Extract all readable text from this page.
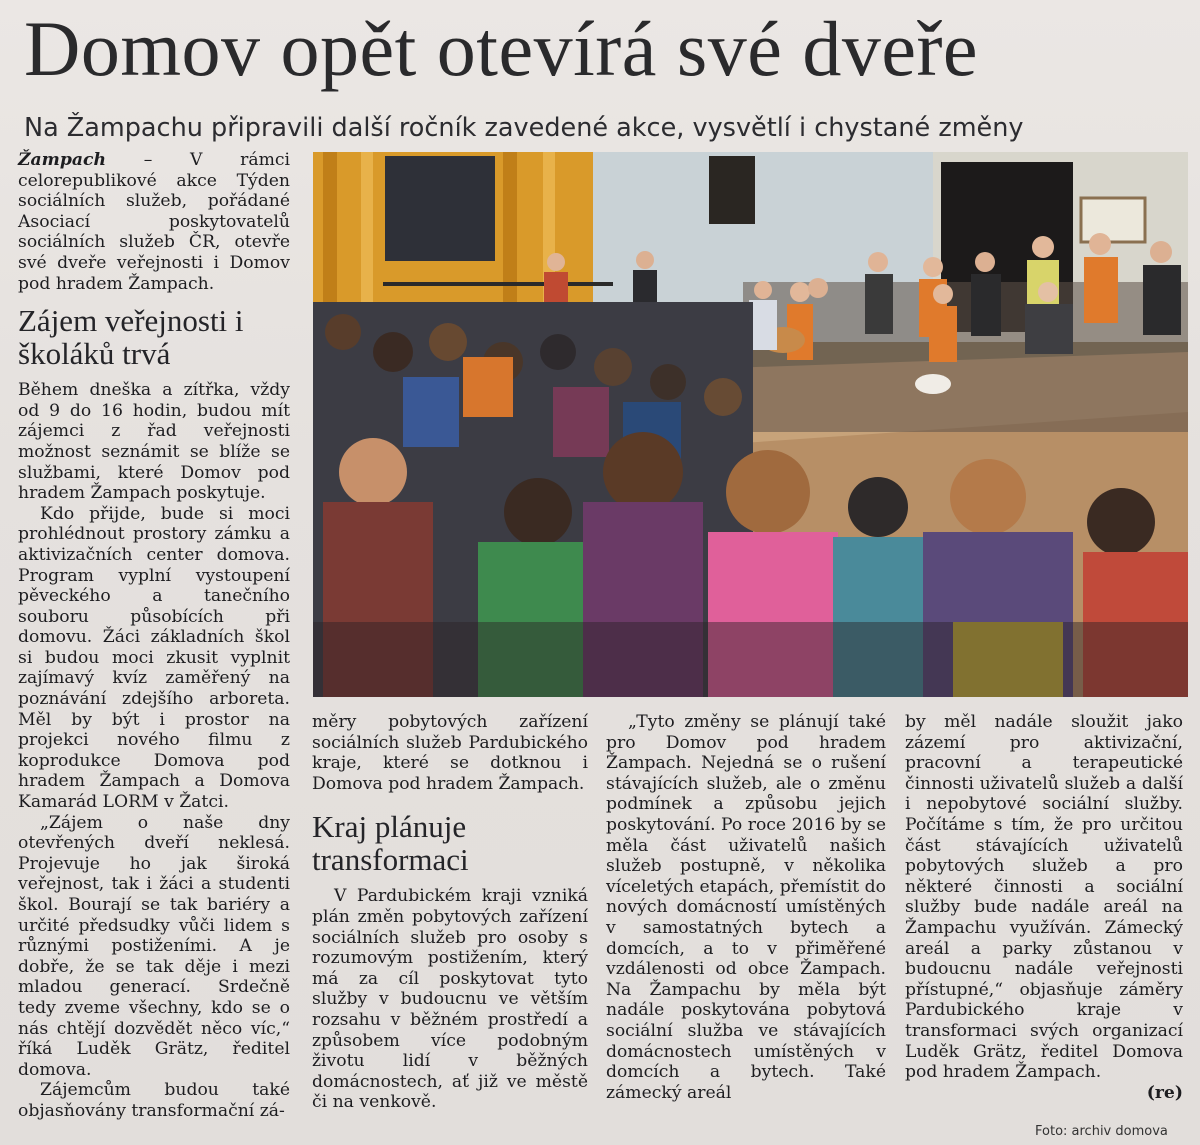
Domov opět otevírá své dveře
Na Žampachu připravili další ročník zavedené akce, vysvětlí i chystané změny

Žampach – V rámci celorepublikové akce Týden sociálních služeb, pořádané Asociací poskytovatelů sociálních služeb ČR, otevře své dveře veřejnosti i Domov pod hradem Žampach.

Zájem veřejnosti i školáků trvá

Během dneška a zítřka, vždy od 9 do 16 hodin, budou mít zájemci z řad veřejnosti možnost seznámit se blíže se službami, které Domov pod hradem Žampach poskytuje.

Kdo přijde, bude si moci prohlédnout prostory zámku a aktivizačních center domova. Program vyplní vystoupení pěveckého a tanečního souboru působících při domovu. Žáci základních škol si budou moci zkusit vyplnit zajímavý kvíz zaměřený na poznávání zdejšího arboreta. Měl by být i prostor na projekci nového filmu z koprodukce Domova pod hradem Žampach a Domova Kamarád LORM v Žatci.

„Zájem o naše dny otevřených dveří neklesá. Projevuje ho jak široká veřejnost, tak i žáci a studenti škol. Bourají se tak bariéry a určité předsudky vůči lidem s různými postiženími. A je dobře, že se tak děje i mezi mladou generací. Srdečně tedy zveme všechny, kdo se o nás chtějí dozvědět něco víc,“ říká Luděk Grätz, ředitel domova.

Zájemcům budou také objasňovány transformační zá-

měry pobytových zařízení sociálních služeb Pardubického kraje, které se dotknou i Domova pod hradem Žampach.

Kraj plánuje transformaci

V Pardubickém kraji vzniká plán změn pobytových zařízení sociálních služeb pro osoby s rozumovým postižením, který má za cíl poskytovat tyto služby v budoucnu ve větším rozsahu v běžném prostředí a způsobem více podobným životu lidí v běžných domácnostech, ať již ve městě či na venkově.

„Tyto změny se plánují také pro Domov pod hradem Žampach. Nejedná se o rušení stávajících služeb, ale o změnu podmínek a způsobu jejich poskytování. Po roce 2016 by se měla část uživatelů našich služeb postupně, v několika víceletých etapách, přemístit do nových domácností umístěných v samostatných bytech a domcích, a to v přiměřené vzdálenosti od obce Žampach. Na Žampachu by měla být nadále poskytována pobytová sociální služba ve stávajících domácnostech umístěných v domcích a bytech. Také zámecký areál

by měl nadále sloužit jako zázemí pro aktivizační, pracovní a terapeutické činnosti uživatelů služeb a další i nepobytové sociální služby. Počítáme s tím, že pro určitou část stávajících uživatelů pobytových služeb a pro některé činnosti a sociální služby bude nadále areál na Žampachu využíván. Zámecký areál a parky zůstanou v budoucnu nadále veřejnosti přístupné,“ objasňuje záměry Pardubického kraje v transformaci svých organizací Luděk Grätz, ředitel Domova pod hradem Žampach.

(re)
Foto: archiv domova
